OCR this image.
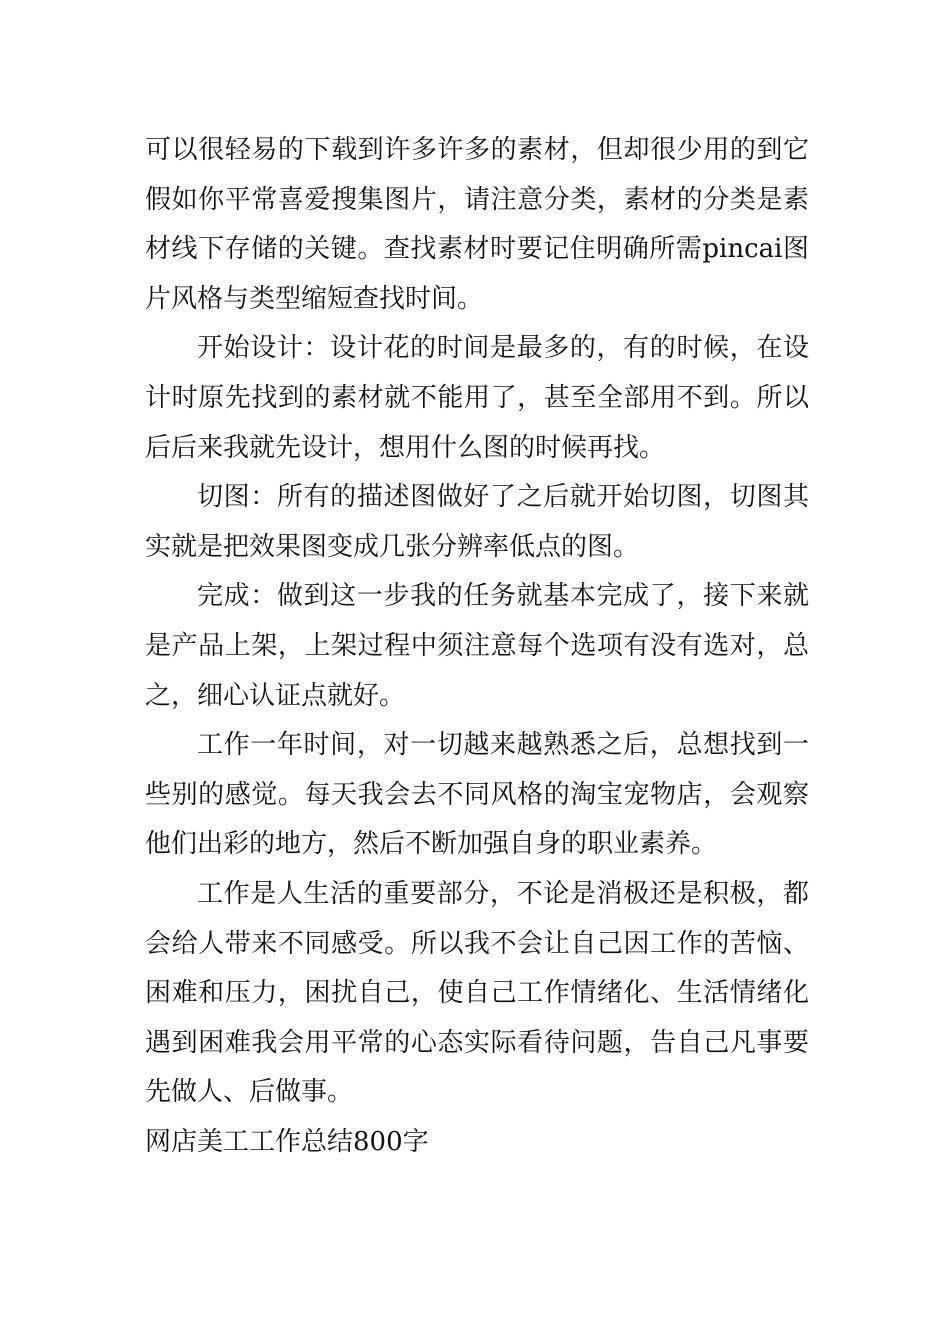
可以很轻易的下载到许多许多的素材，但却很少用的到它假如你平常喜爱搜集图片，请注意分类，素材的分类是素材线下存储的关键。查找素材时要记住明确所需pincai图片风格与类型缩短查找时间。

开始设计：设计花的时间是最多的，有的时候，在设计时原先找到的素材就不能用了，甚至全部用不到。所以后后来我就先设计，想用什么图的时候再找。

切图：所有的描述图做好了之后就开始切图，切图其实就是把效果图变成几张分辨率低点的图。

完成：做到这一步我的任务就基本完成了，接下来就是产品上架，上架过程中须注意每个选项有没有选对，总之，细心认证点就好。

工作一年时间，对一切越来越熟悉之后，总想找到一些别的感觉。每天我会去不同风格的淘宝宠物店，会观察他们出彩的地方，然后不断加强自身的职业素养。

工作是人生活的重要部分，不论是消极还是积极，都会给人带来不同感受。所以我不会让自己因工作的苦恼、困难和压力，困扰自己，使自己工作情绪化、生活情绪化遇到困难我会用平常的心态实际看待问题，告自己凡事要先做人、后做事。

网店美工工作总结800字
